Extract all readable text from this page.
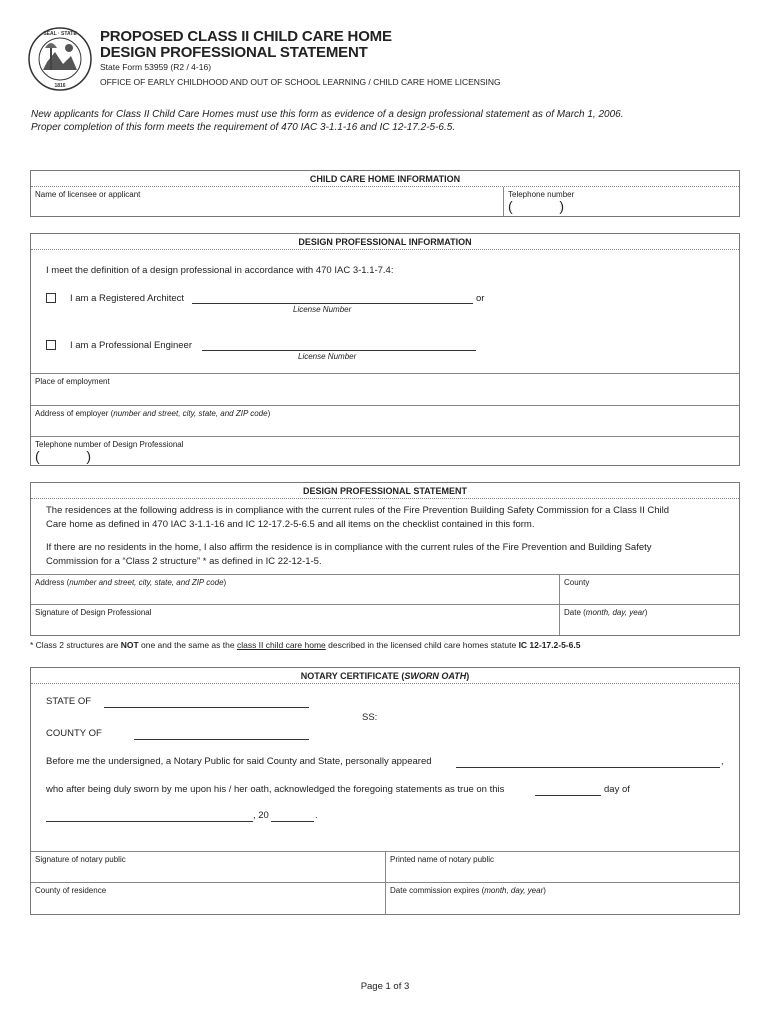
SEAL · STATE
1816
PROPOSED CLASS II CHILD CARE HOME
DESIGN PROFESSIONAL STATEMENT
State Form 53959 (R2 / 4-16)
OFFICE OF EARLY CHILDHOOD AND OUT OF SCHOOL LEARNING / CHILD CARE HOME LICENSING
New applicants for Class II Child Care Homes must use this form as evidence of a design professional statement as of March 1, 2006.
Proper completion of this form meets the requirement of 470 IAC 3-1.1-16 and IC 12-17.2-5-6.5.
CHILD CARE HOME INFORMATION
Name of licensee or applicant	Telephone number
(            )
DESIGN PROFESSIONAL INFORMATION
I meet the definition of a design professional in accordance with 470 IAC 3-1.1-7.4:
I am a Registered Architect	or
License Number
I am a Professional Engineer
License Number
Place of employment
Address of employer (number and street, city, state, and ZIP code)
Telephone number of Design Professional
(            )
DESIGN PROFESSIONAL STATEMENT
The residences at the following address is in compliance with the current rules of the Fire Prevention Building Safety Commission for a Class II Child
Care home as defined in 470 IAC 3-1.1-16 and IC 12-17.2-5-6.5 and all items on the checklist contained in this form.
If there are no residents in the home, I also affirm the residence is in compliance with the current rules of the Fire Prevention and Building Safety
Commission for a “Class 2 structure” * as defined in IC 22-12-1-5.
Address (number and street, city, state, and ZIP code)	County
Signature of Design Professional	Date (month, day, year)
* Class 2 structures are NOT one and the same as the class II child care home described in the licensed child care homes statute IC 12-17.2-5-6.5
NOTARY CERTIFICATE (SWORN OATH)
STATE OF
SS:
COUNTY OF
Before me the undersigned, a Notary Public for said County and State, personally appeared	,
who after being duly sworn by me upon his / her oath, acknowledged the foregoing statements as true on this	day of
, 20	.
Signature of notary public	Printed name of notary public
County of residence	Date commission expires (month, day, year)
Page 1 of 3
